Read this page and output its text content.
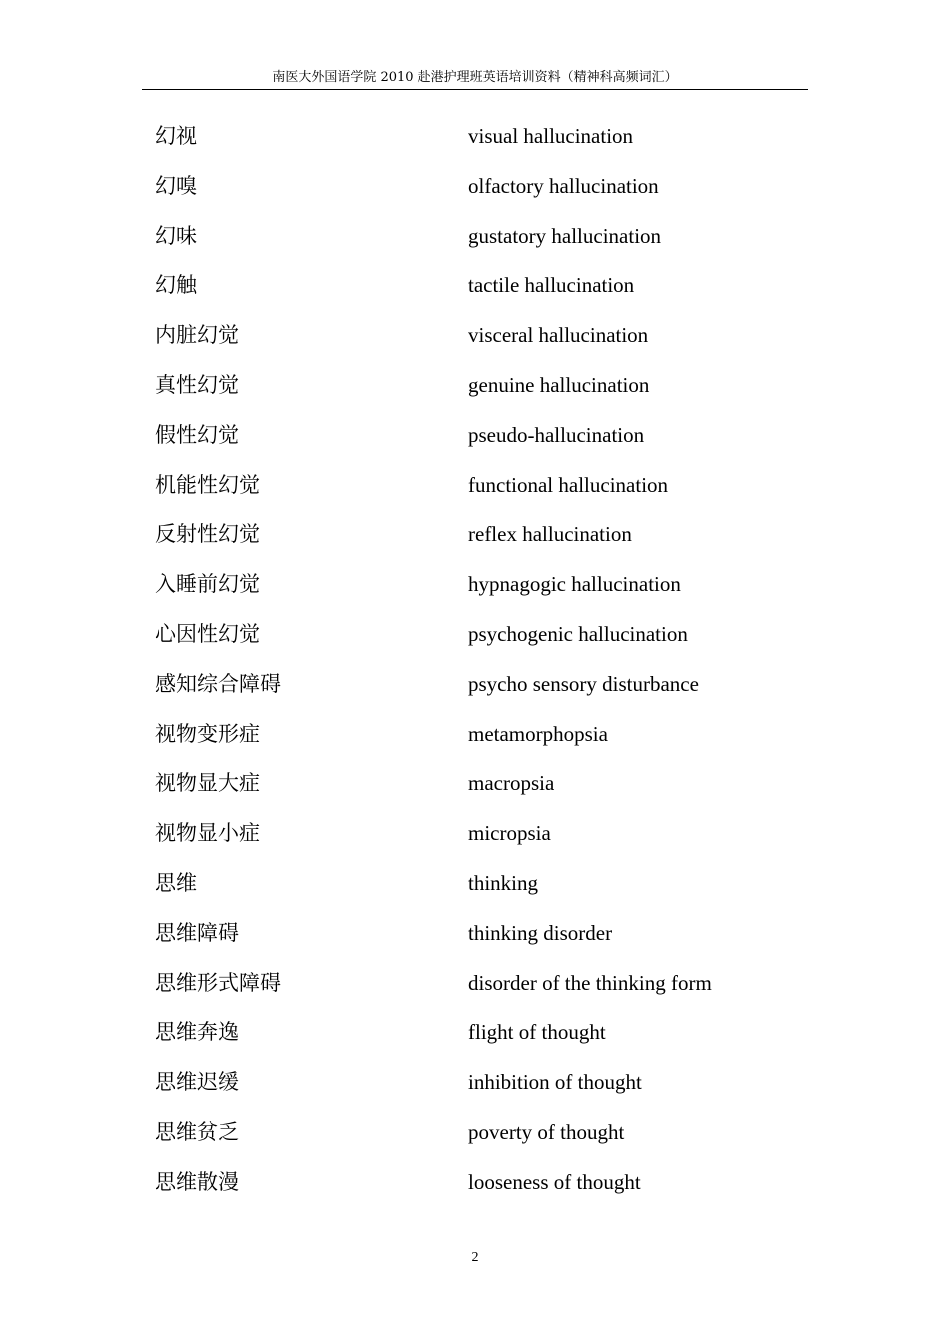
南医大外国语学院 2010 赴港护理班英语培训资料（精神科高频词汇）
幻视	visual hallucination
幻嗅	olfactory hallucination
幻味	gustatory hallucination
幻触	tactile hallucination
内脏幻觉	visceral hallucination
真性幻觉	genuine hallucination
假性幻觉	pseudo-hallucination
机能性幻觉	functional hallucination
反射性幻觉	reflex hallucination
入睡前幻觉	hypnagogic hallucination
心因性幻觉	psychogenic hallucination
感知综合障碍	psycho sensory disturbance
视物变形症	metamorphopsia
视物显大症	macropsia
视物显小症	micropsia
思维	thinking
思维障碍	thinking disorder
思维形式障碍	disorder of the thinking form
思维奔逸	flight of thought
思维迟缓	inhibition of thought
思维贫乏	poverty of thought
思维散漫	looseness of thought
2
